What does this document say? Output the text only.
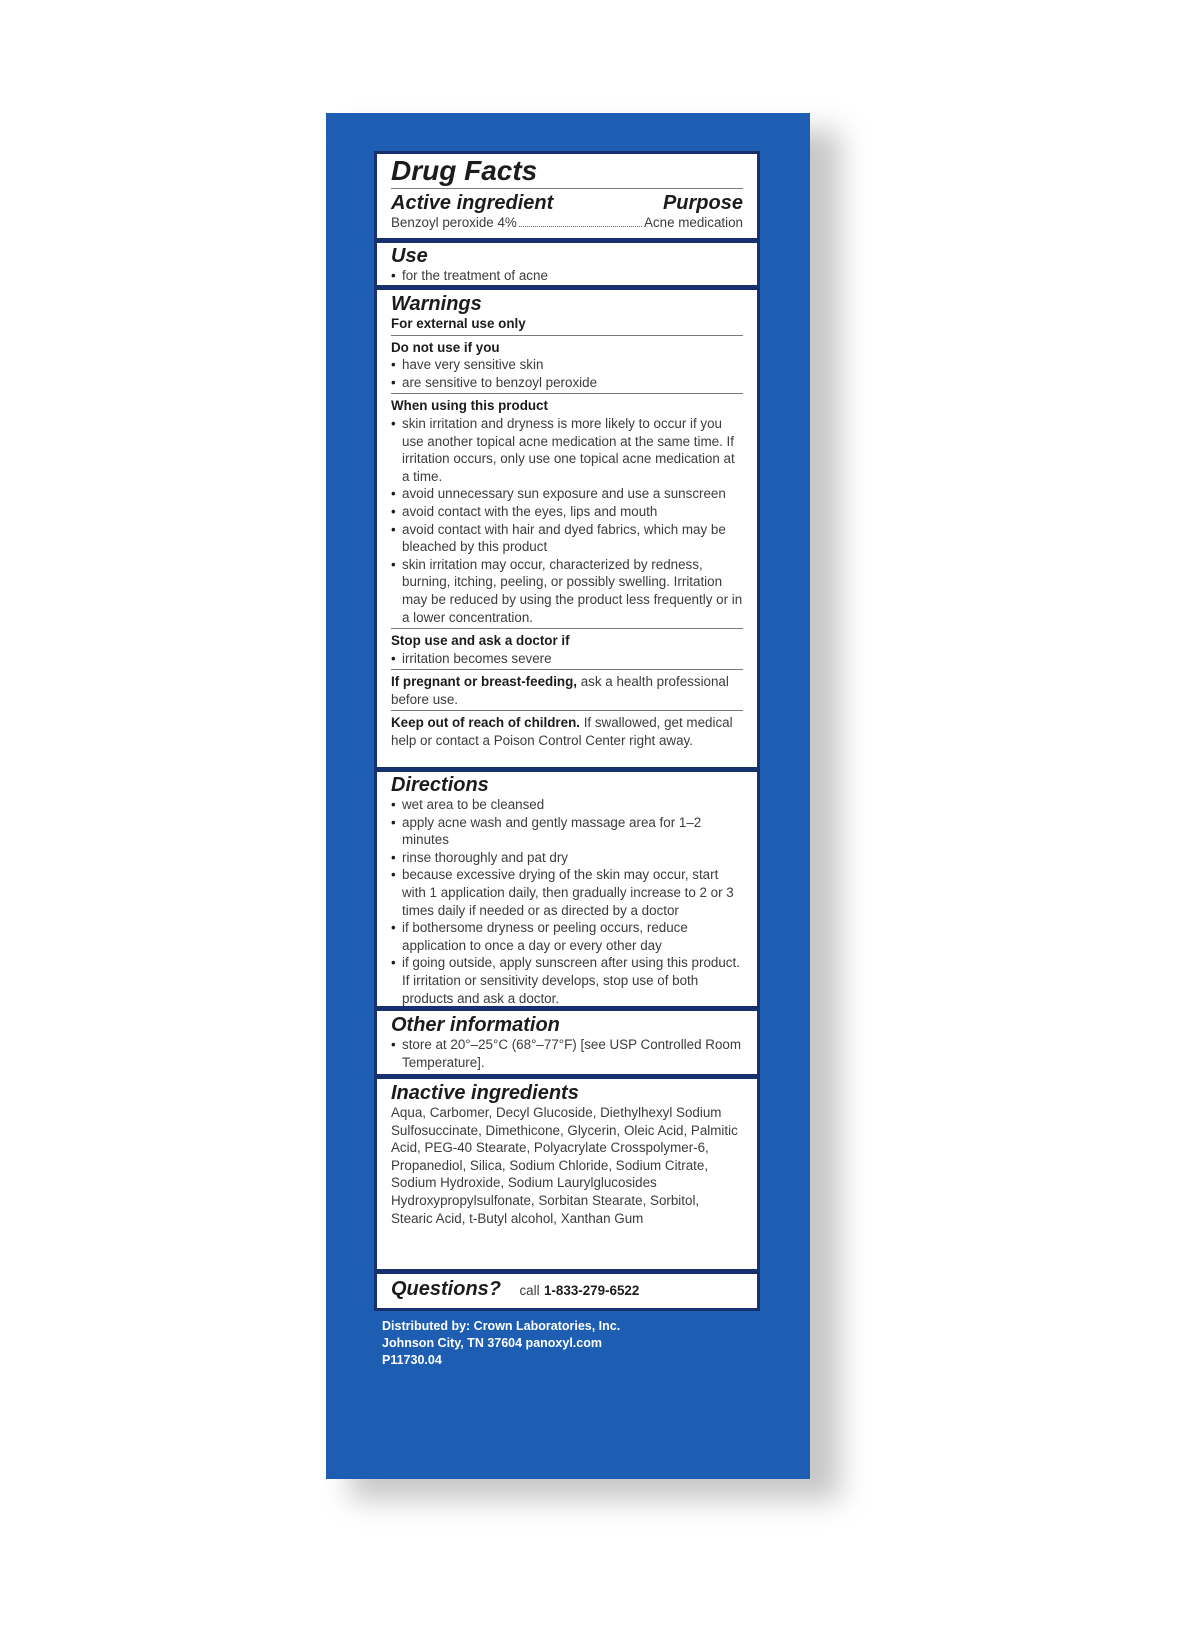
Drug Facts
Active ingredient	Purpose
Benzoyl peroxide 4%	Acne medication
Use
• for the treatment of acne
Warnings
For external use only
Do not use if you
• have very sensitive skin
• are sensitive to benzoyl peroxide
When using this product
• skin irritation and dryness is more likely to occur if you use another topical acne medication at the same time. If irritation occurs, only use one topical acne medication at a time.
• avoid unnecessary sun exposure and use a sunscreen
• avoid contact with the eyes, lips and mouth
• avoid contact with hair and dyed fabrics, which may be bleached by this product
• skin irritation may occur, characterized by redness, burning, itching, peeling, or possibly swelling. Irritation may be reduced by using the product less frequently or in a lower concentration.
Stop use and ask a doctor if
• irritation becomes severe
If pregnant or breast-feeding, ask a health professional before use.
Keep out of reach of children. If swallowed, get medical help or contact a Poison Control Center right away.
Directions
• wet area to be cleansed
• apply acne wash and gently massage area for 1–2 minutes
• rinse thoroughly and pat dry
• because excessive drying of the skin may occur, start with 1 application daily, then gradually increase to 2 or 3 times daily if needed or as directed by a doctor
• if bothersome dryness or peeling occurs, reduce application to once a day or every other day
• if going outside, apply sunscreen after using this product. If irritation or sensitivity develops, stop use of both products and ask a doctor.
Other information
• store at 20°–25°C (68°–77°F) [see USP Controlled Room Temperature].
Inactive ingredients
Aqua, Carbomer, Decyl Glucoside, Diethylhexyl Sodium Sulfosuccinate, Dimethicone, Glycerin, Oleic Acid, Palmitic Acid, PEG-40 Stearate, Polyacrylate Crosspolymer-6, Propanediol, Silica, Sodium Chloride, Sodium Citrate, Sodium Hydroxide, Sodium Laurylglucosides Hydroxypropylsulfonate, Sorbitan Stearate, Sorbitol, Stearic Acid, t-Butyl alcohol, Xanthan Gum
Questions? call 1-833-279-6522
Distributed by: Crown Laboratories, Inc.
Johnson City, TN 37604 panoxyl.com
P11730.04
